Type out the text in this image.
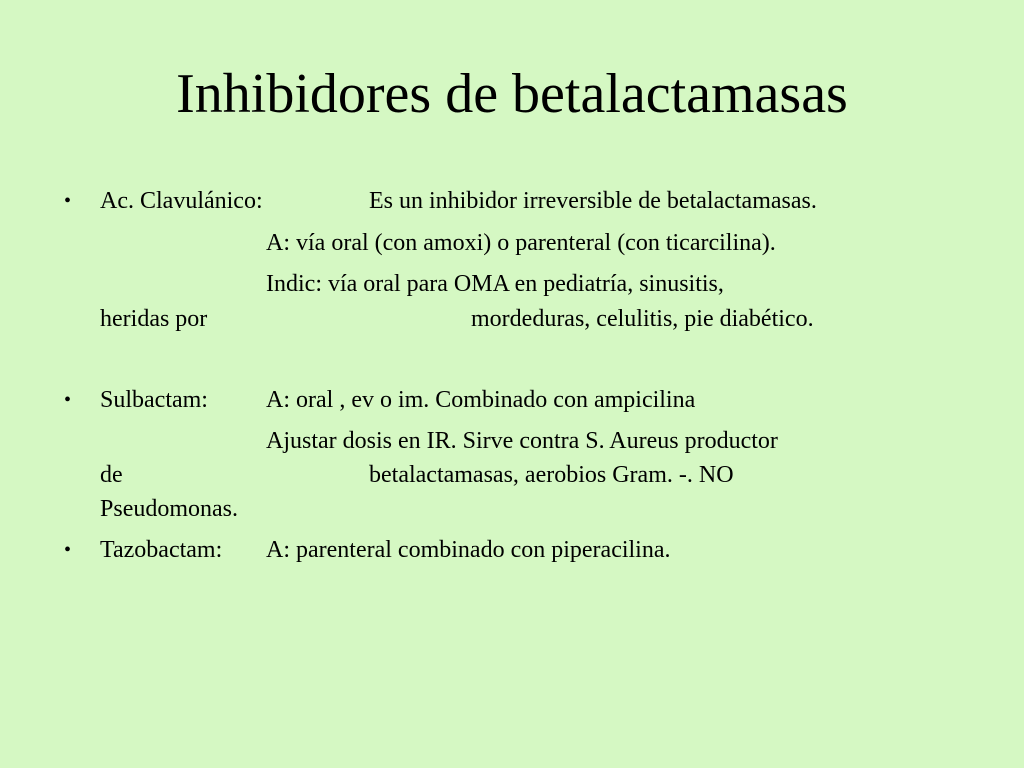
Inhibidores de betalactamasas
• Ac. Clavulánico:	Es un inhibidor irreversible de betalactamasas.
A: vía oral (con amoxi) o parenteral (con ticarcilina).
Indic: vía oral para OMA en pediatría, sinusitis,
heridas por	mordeduras, celulitis, pie diabético.
• Sulbactam: A: oral , ev o im. Combinado con ampicilina
Ajustar dosis en IR. Sirve contra S. Aureus productor
de	betalactamasas, aerobios Gram. -. NO
Pseudomonas.
• Tazobactam: A: parenteral combinado con piperacilina.
